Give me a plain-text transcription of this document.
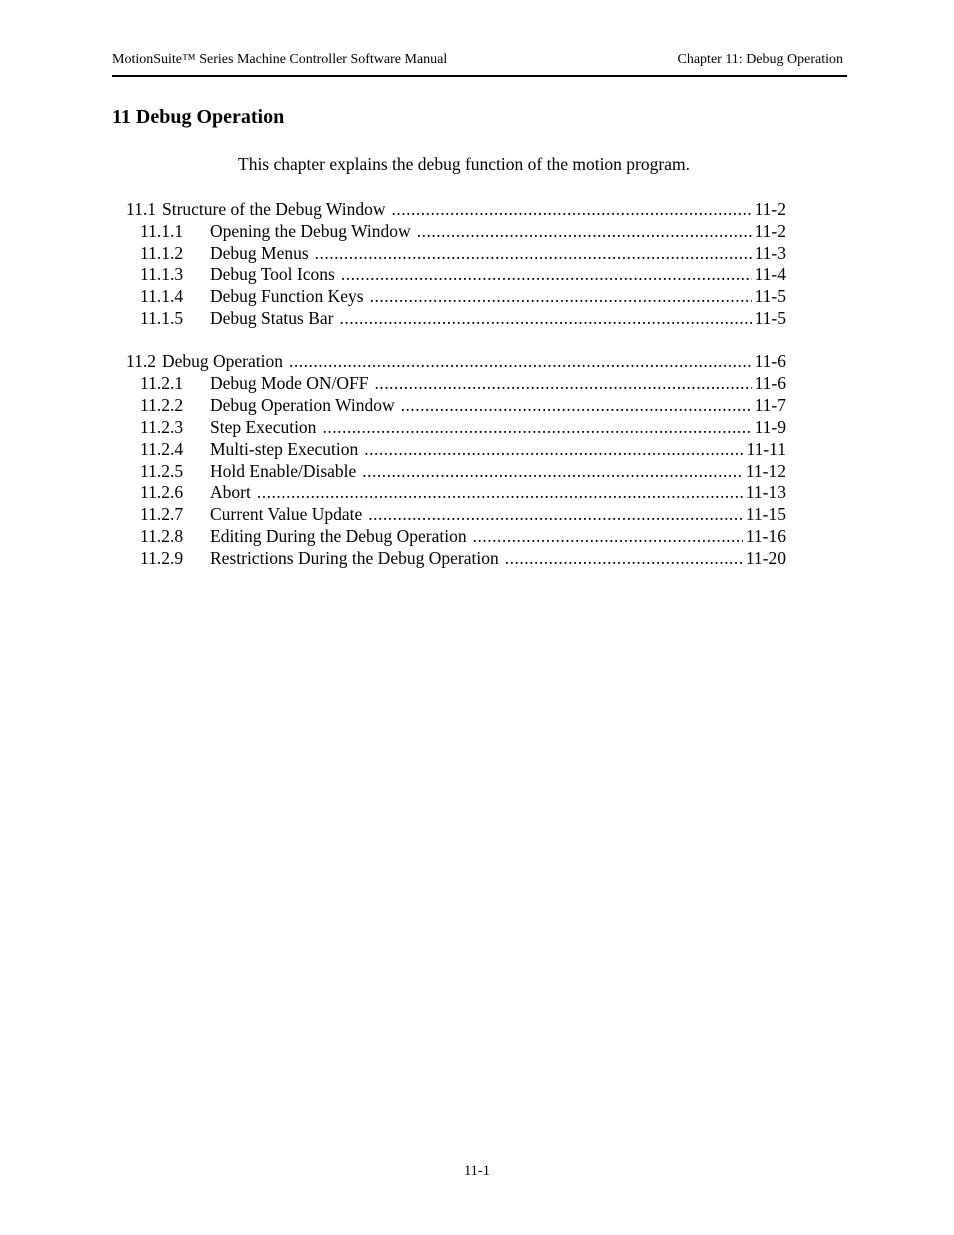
MotionSuite™ Series Machine Controller Software Manual	Chapter 11: Debug Operation
11 Debug Operation
This chapter explains the debug function of the motion program.
11.1 Structure of the Debug Window .....	11-2
11.1.1	Opening the Debug Window .....	11-2
11.1.2	Debug Menus .....	11-3
11.1.3	Debug Tool Icons .....	11-4
11.1.4	Debug Function Keys .....	11-5
11.1.5	Debug Status Bar .....	11-5
11.2 Debug Operation .....	11-6
11.2.1	Debug Mode ON/OFF .....	11-6
11.2.2	Debug Operation Window .....	11-7
11.2.3	Step Execution .....	11-9
11.2.4	Multi-step Execution .....	11-11
11.2.5	Hold Enable/Disable .....	11-12
11.2.6	Abort .....	11-13
11.2.7	Current Value Update .....	11-15
11.2.8	Editing During the Debug Operation .....	11-16
11.2.9	Restrictions During the Debug Operation .....	11-20
11-1
